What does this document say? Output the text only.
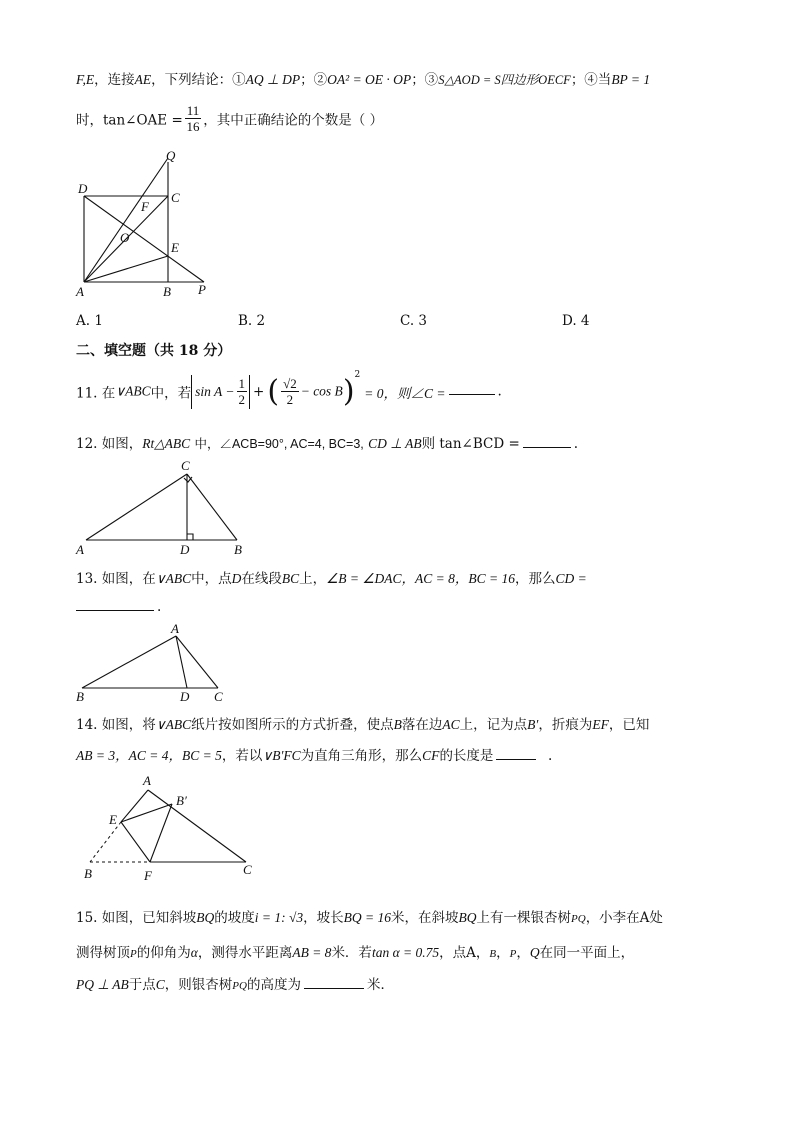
F,E，连接AE，下列结论：①AQ ⊥ DP；②OA² = OE · OP；③S△AOD = S四边形OECF；④当BP = 1
时，tan∠OAE = $\frac{11}{16}$ ，其中正确结论的个数是（ ）
Q
D
C
F
O
E
A	B P
A. 1	B. 2	C. 3	D. 4
二、填空题（共 18 分）
11. 在∨ABC中，若 $\sin A - \frac{1}{2}$ + ( $\frac{√2}{2} - \cos B)^2= 0$，则∠C =	.
12. 如图，Rt△ABC 中，∠ACB=90°, AC=4, BC=3, CD ⊥ AB则 tan∠BCD =	.
C
A	D	B
13. 如图，在∨ABC中，点D在线段BC上，∠B = ∠DAC，AC = 8，BC = 16，那么CD =
.
A
B	D C
14. 如图，将∨ABC纸片按如图所示的方式折叠，使点B落在边AC上，记为点B′，折痕为EF，已知
AB = 3，AC = 4，BC = 5，若以∨B′FC为直角三角形，那么CF的长度是	.
A
B′
E
B	F	C
15. 如图，已知斜坡BQ的坡度i = 1: √3，坡长BQ = 16米，在斜坡BQ上有一棵银杏树PQ，小李在A处
测得树顶P的仰角为α，测得水平距离AB = 8米．若tan α = 0.75，点A，B，P，Q在同一平面上，
PQ ⊥ AB于点C，则银杏树PQ的高度为	米．
